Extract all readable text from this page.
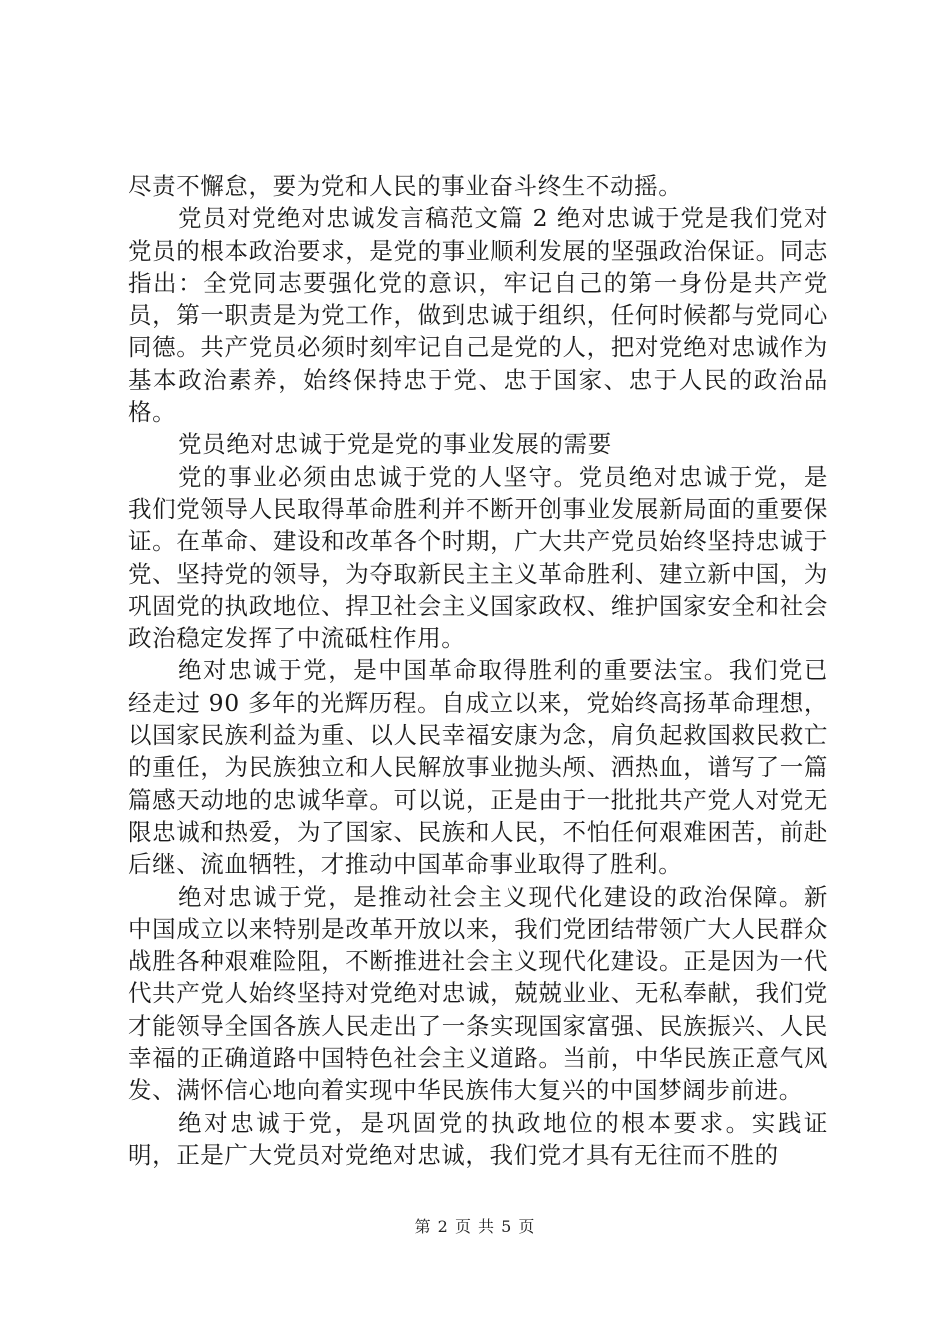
尽责不懈怠，要为党和人民的事业奋斗终生不动摇。

党员对党绝对忠诚发言稿范文篇 2 绝对忠诚于党是我们党对党员的根本政治要求，是党的事业顺利发展的坚强政治保证。同志指出：全党同志要强化党的意识，牢记自己的第一身份是共产党员，第一职责是为党工作，做到忠诚于组织，任何时候都与党同心同德。共产党员必须时刻牢记自己是党的人，把对党绝对忠诚作为基本政治素养，始终保持忠于党、忠于国家、忠于人民的政治品格。

党员绝对忠诚于党是党的事业发展的需要

党的事业必须由忠诚于党的人坚守。党员绝对忠诚于党，是我们党领导人民取得革命胜利并不断开创事业发展新局面的重要保证。在革命、建设和改革各个时期，广大共产党员始终坚持忠诚于党、坚持党的领导，为夺取新民主主义革命胜利、建立新中国，为巩固党的执政地位、捍卫社会主义国家政权、维护国家安全和社会政治稳定发挥了中流砥柱作用。

绝对忠诚于党，是中国革命取得胜利的重要法宝。我们党已经走过 90 多年的光辉历程。自成立以来，党始终高扬革命理想，以国家民族利益为重、以人民幸福安康为念，肩负起救国救民救亡的重任，为民族独立和人民解放事业抛头颅、洒热血，谱写了一篇篇感天动地的忠诚华章。可以说，正是由于一批批共产党人对党无限忠诚和热爱，为了国家、民族和人民，不怕任何艰难困苦，前赴后继、流血牺牲，才推动中国革命事业取得了胜利。

绝对忠诚于党，是推动社会主义现代化建设的政治保障。新中国成立以来特别是改革开放以来，我们党团结带领广大人民群众战胜各种艰难险阻，不断推进社会主义现代化建设。正是因为一代代共产党人始终坚持对党绝对忠诚，兢兢业业、无私奉献，我们党才能领导全国各族人民走出了一条实现国家富强、民族振兴、人民幸福的正确道路中国特色社会主义道路。当前，中华民族正意气风发、满怀信心地向着实现中华民族伟大复兴的中国梦阔步前进。

绝对忠诚于党，是巩固党的执政地位的根本要求。实践证明，正是广大党员对党绝对忠诚，我们党才具有无往而不胜的

第 2 页 共 5 页
